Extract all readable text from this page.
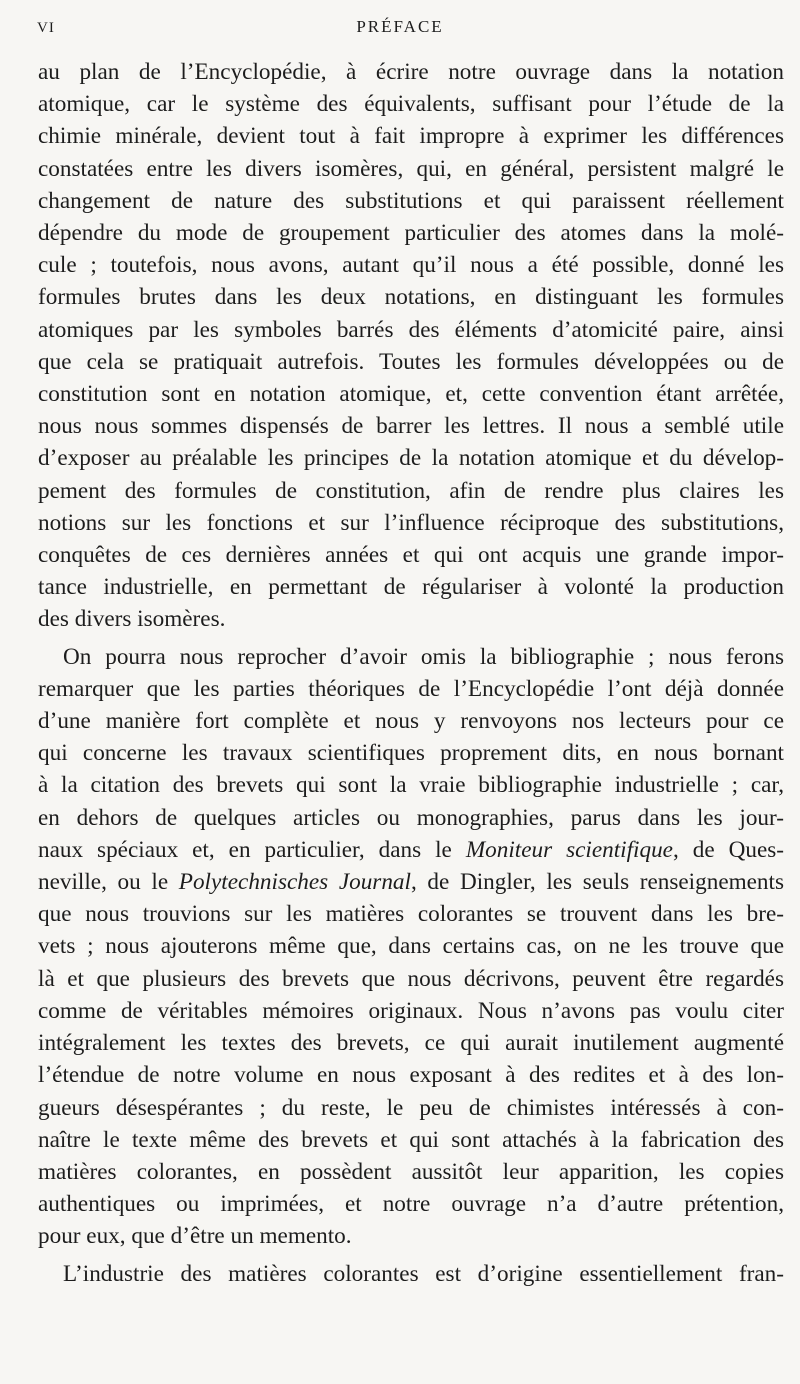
VI	PRÉFACE
au plan de l’Encyclopédie, à écrire notre ouvrage dans la notation
atomique, car le système des équivalents, suffisant pour l’étude de la
chimie minérale, devient tout à fait impropre à exprimer les différences
constatées entre les divers isomères, qui, en général, persistent malgré le
changement de nature des substitutions et qui paraissent réellement
dépendre du mode de groupement particulier des atomes dans la molé-
cule ; toutefois, nous avons, autant qu’il nous a été possible, donné les
formules brutes dans les deux notations, en distinguant les formules
atomiques par les symboles barrés des éléments d’atomicité paire, ainsi
que cela se pratiquait autrefois. Toutes les formules développées ou de
constitution sont en notation atomique, et, cette convention étant arrêtée,
nous nous sommes dispensés de barrer les lettres. Il nous a semblé utile
d’exposer au préalable les principes de la notation atomique et du dévelop-
pement des formules de constitution, afin de rendre plus claires les
notions sur les fonctions et sur l’influence réciproque des substitutions,
conquêtes de ces dernières années et qui ont acquis une grande impor-
tance industrielle, en permettant de régulariser à volonté la production
des divers isomères.
On pourra nous reprocher d’avoir omis la bibliographie ; nous ferons
remarquer que les parties théoriques de l’Encyclopédie l’ont déjà donnée
d’une manière fort complète et nous y renvoyons nos lecteurs pour ce
qui concerne les travaux scientifiques proprement dits, en nous bornant
à la citation des brevets qui sont la vraie bibliographie industrielle ; car,
en dehors de quelques articles ou monographies, parus dans les jour-
naux spéciaux et, en particulier, dans le Moniteur scientifique, de Ques-
neville, ou le Polytechnisches Journal, de Dingler, les seuls renseignements
que nous trouvions sur les matières colorantes se trouvent dans les bre-
vets ; nous ajouterons même que, dans certains cas, on ne les trouve que
là et que plusieurs des brevets que nous décrivons, peuvent être regardés
comme de véritables mémoires originaux. Nous n’avons pas voulu citer
intégralement les textes des brevets, ce qui aurait inutilement augmenté
l’étendue de notre volume en nous exposant à des redites et à des lon-
gueurs désespérantes ; du reste, le peu de chimistes intéressés à con-
naître le texte même des brevets et qui sont attachés à la fabrication des
matières colorantes, en possèdent aussitôt leur apparition, les copies
authentiques ou imprimées, et notre ouvrage n’a d’autre prétention,
pour eux, que d’être un memento.
L’industrie des matières colorantes est d’origine essentiellement fran-
